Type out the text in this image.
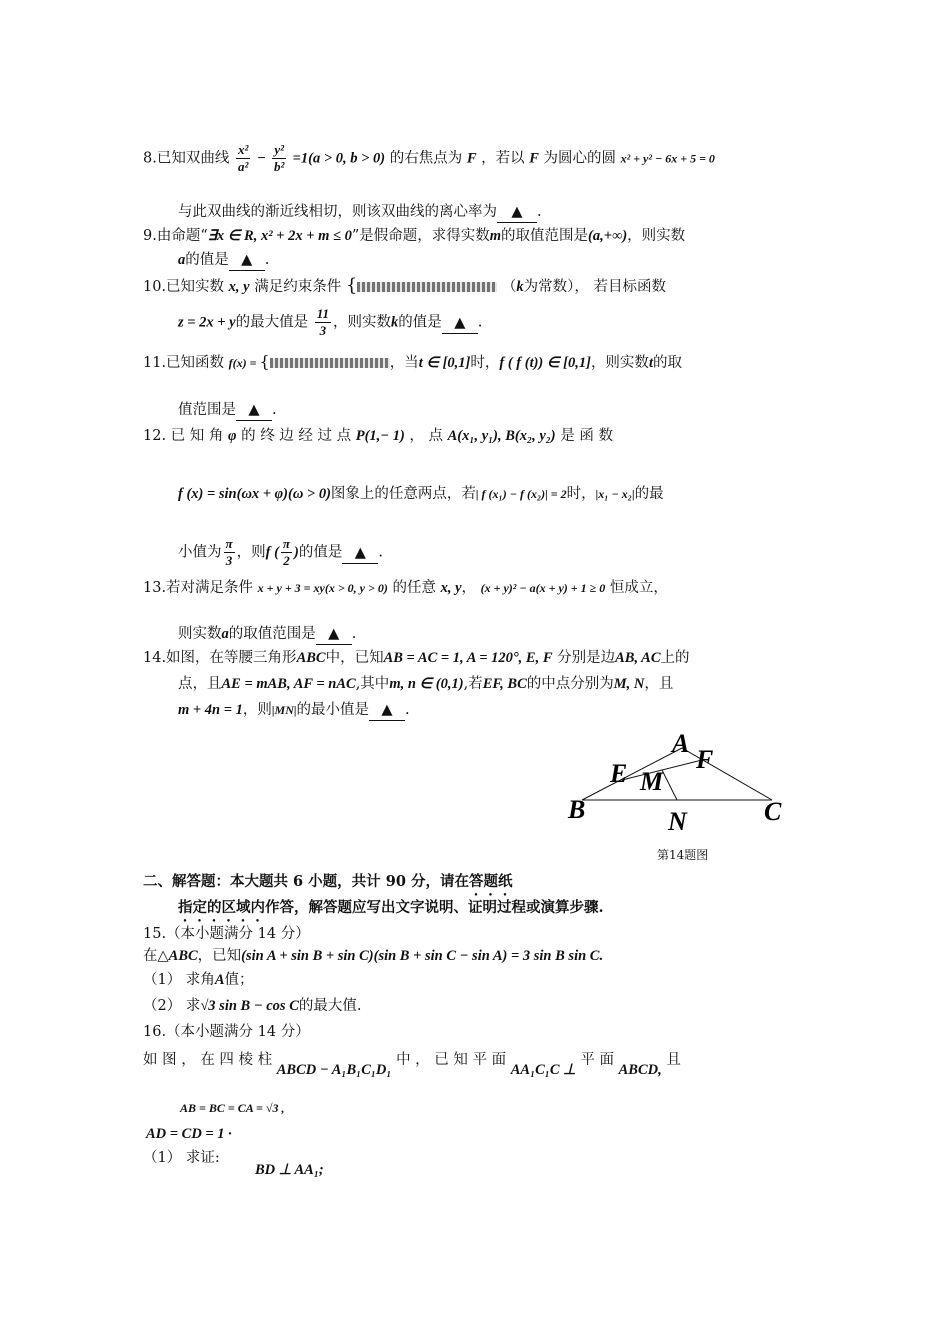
8.已知双曲线 $\frac{\text{x²}}{\text{a²}} - \frac{\text{y²}}{\text{b²}} =1(a > 0$, b > 0) 的右焦点为 F ，若以 F 为圆心的圆 x² + y² − 6x + 5 = 0
与此双曲线的渐近线相切，则该双曲线的离心率为 ▲ .
9.由命题“∃x ∈ R, x² + 2x + m ≤ 0”是假命题，求得实数m的取值范围是(a,+∞)，则实数
a的值是 ▲ .
10.已知实数 x, y 满足约束条件 {	（k为常数）， 若目标函数
z = 2x + y的最大值是 $\frac{11}{3}$ ，则实数k的值是 ▲ .
11.已知函数 f(x) = {	，当t ∈ [0,1]时，f ( f (t)) ∈ [0,1]，则实数t的取
值范围是 ▲ .
12. 已 知 角 φ 的 终 边 经 过 点 P(1,− 1) ， 点 A(x₁, y₁), B(x₂, y₂) 是 函 数
f (x) = sin(ωx + φ)(ω > 0)图象上的任意两点，若| f (x₁) − f (x₂)| = 2时，|x₁ − x₂|的最
小值为 $\frac{\pi}{3}$ ，则f ( $\frac{\pi}{2}$ )的值是 ▲ .
13.若对满足条件 x + y + 3 = xy(x > 0, y > 0) 的任意 x, y， (x + y)² − a(x + y) + 1 ≥ 0 恒成立，
则实数a的取值范围是 ▲ .
14.如图，在等腰三角形ABC中，已知AB = AC = 1, A = 120°, E, F 分别是边AB, AC上的
点，且AE = mAB, AF = nAC,其中m, n ∈ (0,1),若EF, BC的中点分别为M, N，且
m + 4n = 1，则|MN|的最小值是 ▲ .
A
F
E M
B	N	C
第14题图
二、解答题：本大题共 6 小题，共计 90 分，请在答题纸
指定的区域内作答，解答题应写出文字说明、证明过程或演算步骤.
15.（本小题满分 14 分）
在△ABC，已知(sin A + sin B + sin C)(sin B + sin C − sin A) = 3 sin B sin C.
（1） 求角A值；
（2） 求√3 sin B − cos C的最大值.
16.（本小题满分 14 分）
如 图 ， 在 四 棱 柱 ABCD − A₁B₁C₁D₁ 中 ， 已 知 平 面 AA₁C₁C ⊥ 平 面 ABCD, 且
AB = BC = CA = √3 ,
AD = CD = 1 ·
（1） 求证:
BD ⊥ AA₁;
